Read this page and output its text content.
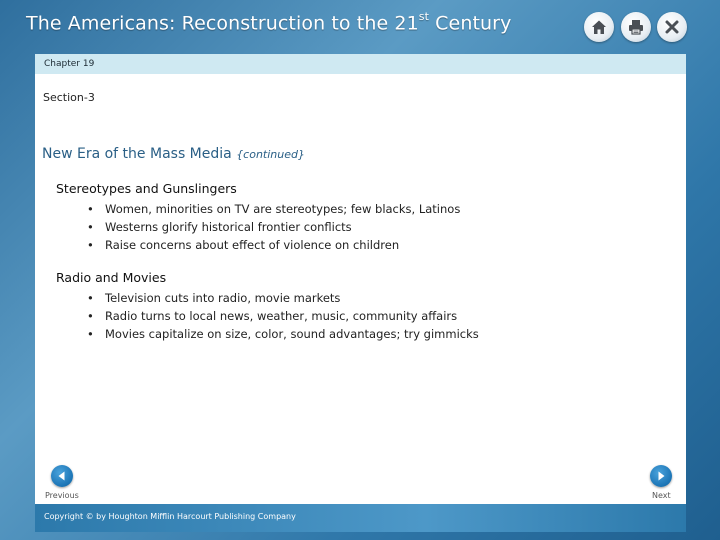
The Americans: Reconstruction to the 21st Century
Chapter 19
Section-3
New Era of the Mass Media {continued}
Stereotypes and Gunslingers
• Women, minorities on TV are stereotypes; few blacks, Latinos
• Westerns glorify historical frontier conflicts
• Raise concerns about effect of violence on children
Radio and Movies
• Television cuts into radio, movie markets
• Radio turns to local news, weather, music, community affairs
• Movies capitalize on size, color, sound advantages; try gimmicks
Previous	Next
Copyright © by Houghton Mifflin Harcourt Publishing Company
